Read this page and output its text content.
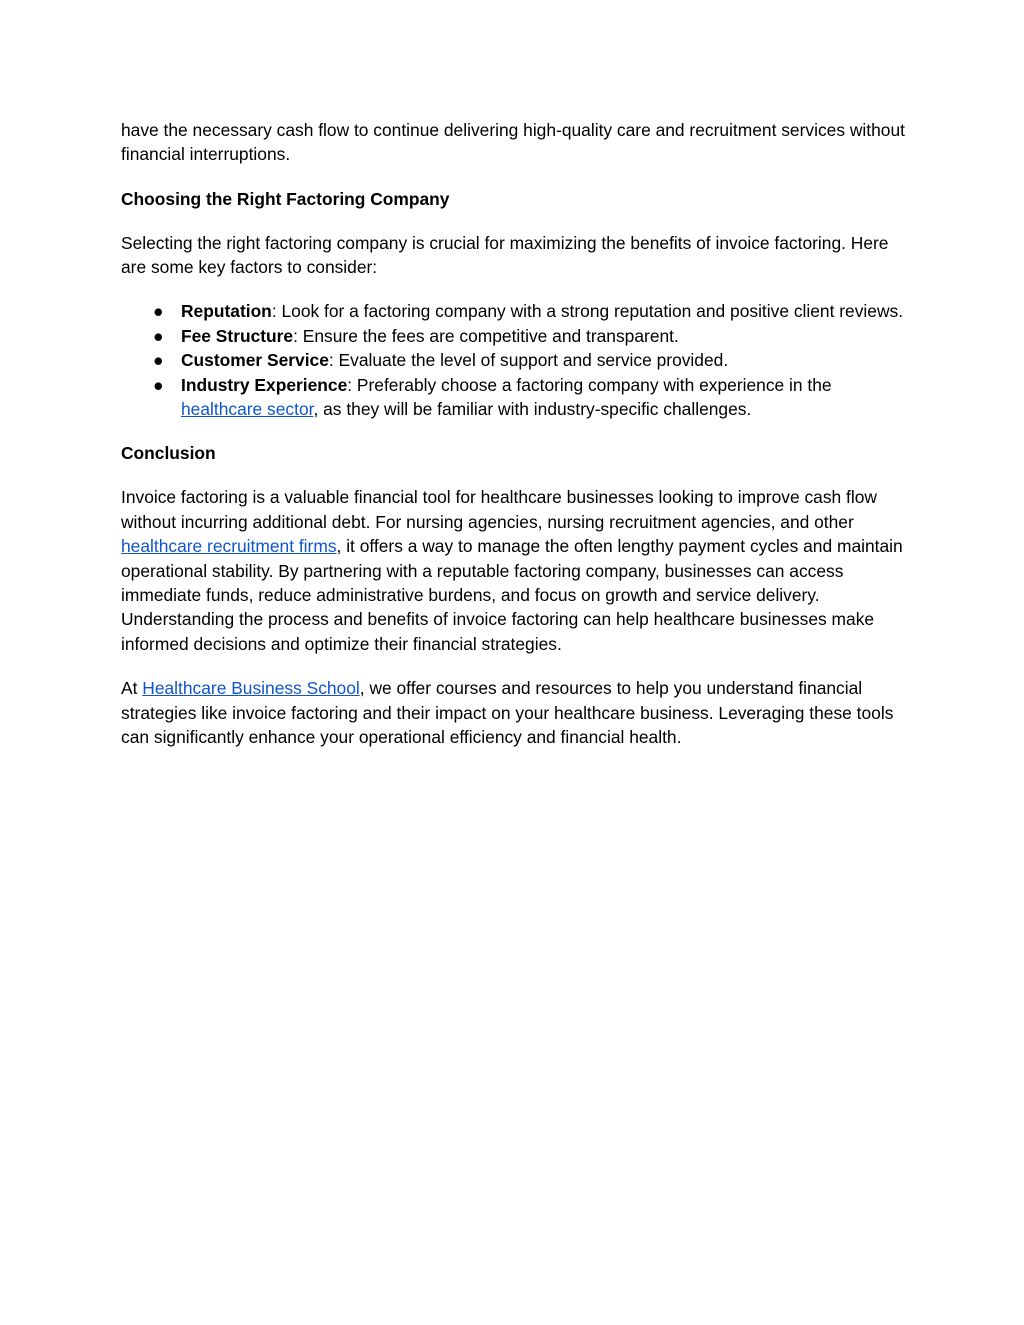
have the necessary cash flow to continue delivering high-quality care and recruitment services without financial interruptions.

Choosing the Right Factoring Company

Selecting the right factoring company is crucial for maximizing the benefits of invoice factoring. Here are some key factors to consider:

● Reputation: Look for a factoring company with a strong reputation and positive client reviews.
● Fee Structure: Ensure the fees are competitive and transparent.
● Customer Service: Evaluate the level of support and service provided.
● Industry Experience: Preferably choose a factoring company with experience in the healthcare sector, as they will be familiar with industry-specific challenges.

Conclusion

Invoice factoring is a valuable financial tool for healthcare businesses looking to improve cash flow without incurring additional debt. For nursing agencies, nursing recruitment agencies, and other healthcare recruitment firms, it offers a way to manage the often lengthy payment cycles and maintain operational stability. By partnering with a reputable factoring company, businesses can access immediate funds, reduce administrative burdens, and focus on growth and service delivery. Understanding the process and benefits of invoice factoring can help healthcare businesses make informed decisions and optimize their financial strategies.

At Healthcare Business School, we offer courses and resources to help you understand financial strategies like invoice factoring and their impact on your healthcare business. Leveraging these tools can significantly enhance your operational efficiency and financial health.
